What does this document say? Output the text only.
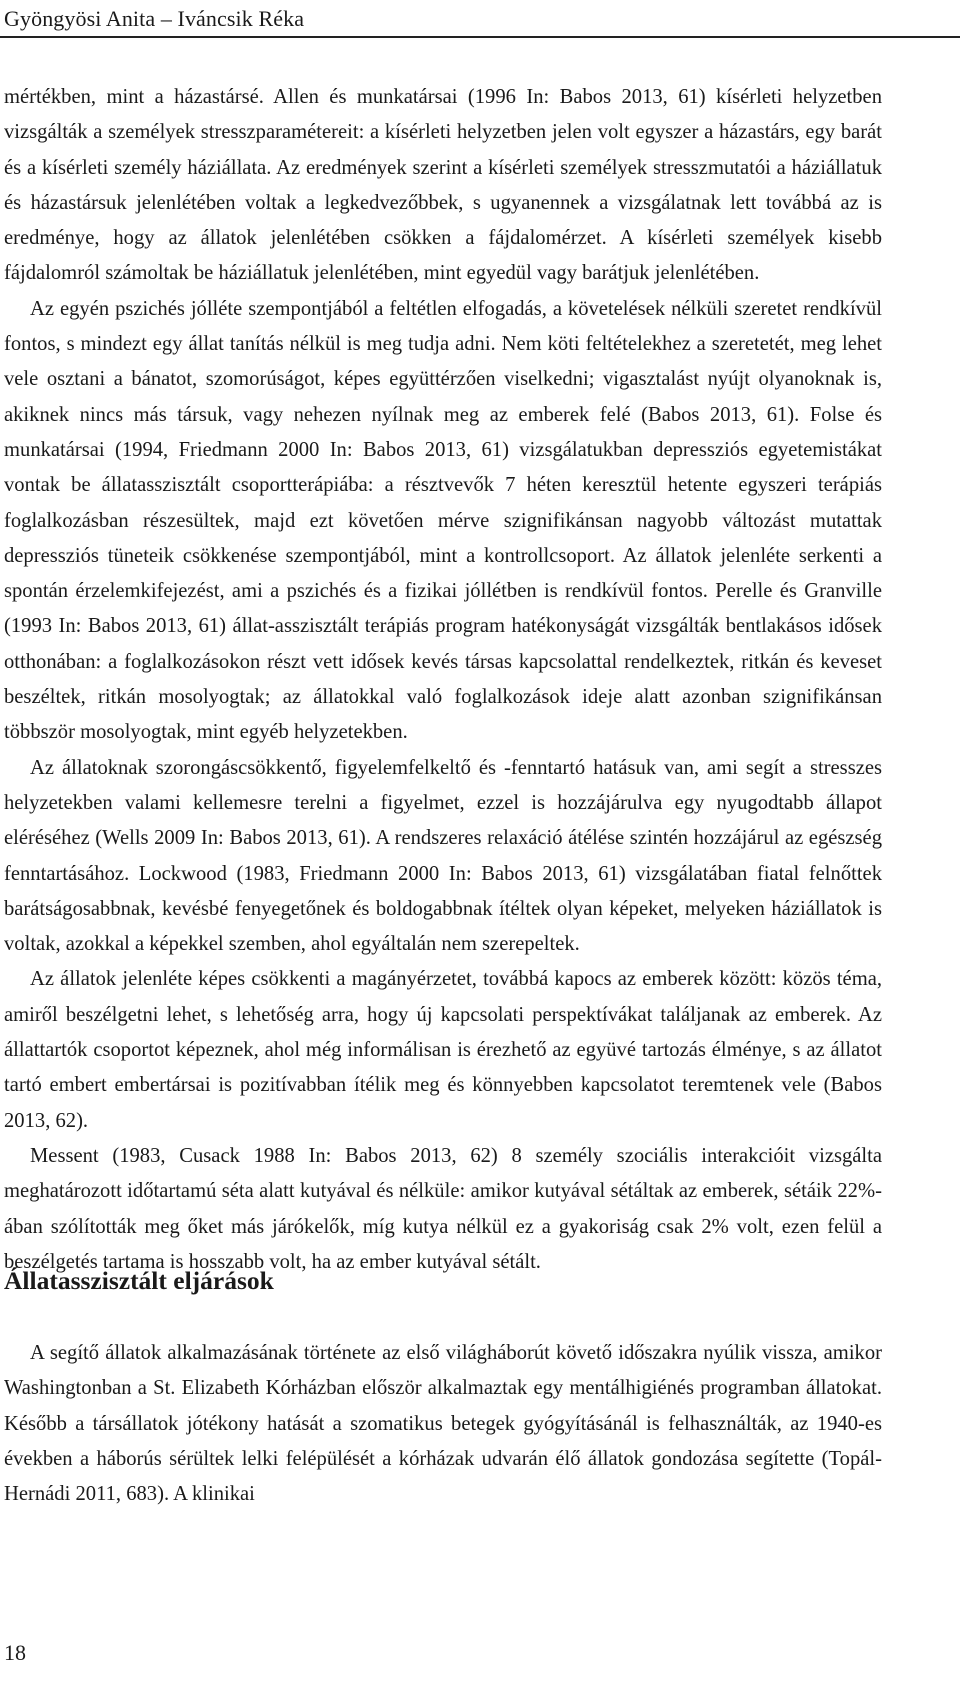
Gyöngyösi Anita – Iváncsik Réka

mértékben, mint a házastársé. Allen és munkatársai (1996 In: Babos 2013, 61) kísérleti helyzetben vizsgálták a személyek stresszparamétereit: a kísérleti helyzetben jelen volt egyszer a házastárs, egy barát és a kísérleti személy háziállata. Az eredmények szerint a kísérleti személyek stresszmutatói a háziállatuk és házastársuk jelenlétében voltak a legkedvezőbbek, s ugyanennek a vizsgálatnak lett továbbá az is eredménye, hogy az állatok jelenlétében csökken a fájdalomérzet. A kísérleti személyek kisebb fájdalomról számoltak be háziállatuk jelenlétében, mint egyedül vagy barátjuk jelenlétében.

Az egyén pszichés jólléte szempontjából a feltétlen elfogadás, a követelések nélküli szeretet rendkívül fontos, s mindezt egy állat tanítás nélkül is meg tudja adni. Nem köti feltételekhez a szeretetét, meg lehet vele osztani a bánatot, szomorúságot, képes együttérzően viselkedni; vigasztalást nyújt olyanoknak is, akiknek nincs más társuk, vagy nehezen nyílnak meg az emberek felé (Babos 2013, 61). Folse és munkatársai (1994, Friedmann 2000 In: Babos 2013, 61) vizsgálatukban depressziós egyetemistákat vontak be állatasszisztált csoportterápiába: a résztvevők 7 héten keresztül hetente egyszeri terápiás foglalkozásban részesültek, majd ezt követően mérve szignifikánsan nagyobb változást mutattak depressziós tüneteik csökkenése szempontjából, mint a kontrollcsoport. Az állatok jelenléte serkenti a spontán érzelemkifejezést, ami a pszichés és a fizikai jóllétben is rendkívül fontos. Perelle és Granville (1993 In: Babos 2013, 61) állat-asszisztált terápiás program hatékonyságát vizsgálták bentlakásos idősek otthonában: a foglalkozásokon részt vett idősek kevés társas kapcsolattal rendelkeztek, ritkán és keveset beszéltek, ritkán mosolyogtak; az állatokkal való foglalkozások ideje alatt azonban szignifikánsan többször mosolyogtak, mint egyéb helyzetekben.

Az állatoknak szorongáscsökkentő, figyelemfelkeltő és -fenntartó hatásuk van, ami segít a stresszes helyzetekben valami kellemesre terelni a figyelmet, ezzel is hozzájárulva egy nyugodtabb állapot eléréséhez (Wells 2009 In: Babos 2013, 61). A rendszeres relaxáció átélése szintén hozzájárul az egészség fenntartásához. Lockwood (1983, Friedmann 2000 In: Babos 2013, 61) vizsgálatában fiatal felnőttek barátságosabbnak, kevésbé fenyegetőnek és boldogabbnak ítéltek olyan képeket, melyeken háziállatok is voltak, azokkal a képekkel szemben, ahol egyáltalán nem szerepeltek.

Az állatok jelenléte képes csökkenti a magányérzetet, továbbá kapocs az emberek között: közös téma, amiről beszélgetni lehet, s lehetőség arra, hogy új kapcsolati perspektívákat találjanak az emberek. Az állattartók csoportot képeznek, ahol még informálisan is érezhető az együvé tartozás élménye, s az állatot tartó embert embertársai is pozitívabban ítélik meg és könnyebben kapcsolatot teremtenek vele (Babos 2013, 62).

Messent (1983, Cusack 1988 In: Babos 2013, 62) 8 személy szociális interakcióit vizsgálta meghatározott időtartamú séta alatt kutyával és nélküle: amikor kutyával sétáltak az emberek, sétáik 22%-ában szólították meg őket más járókelők, míg kutya nélkül ez a gyakoriság csak 2% volt, ezen felül a beszélgetés tartama is hosszabb volt, ha az ember kutyával sétált.

Állatasszisztált eljárások

A segítő állatok alkalmazásának története az első világháborút követő időszakra nyúlik vissza, amikor Washingtonban a St. Elizabeth Kórházban először alkalmaztak egy mentálhigiénés programban állatokat. Később a társállatok jótékony hatását a szomatikus betegek gyógyításánál is felhasználták, az 1940-es években a háborús sérültek lelki felépülését a kórházak udvarán élő állatok gondozása segítette (Topál-Hernádi 2011, 683). A klinikai

18
